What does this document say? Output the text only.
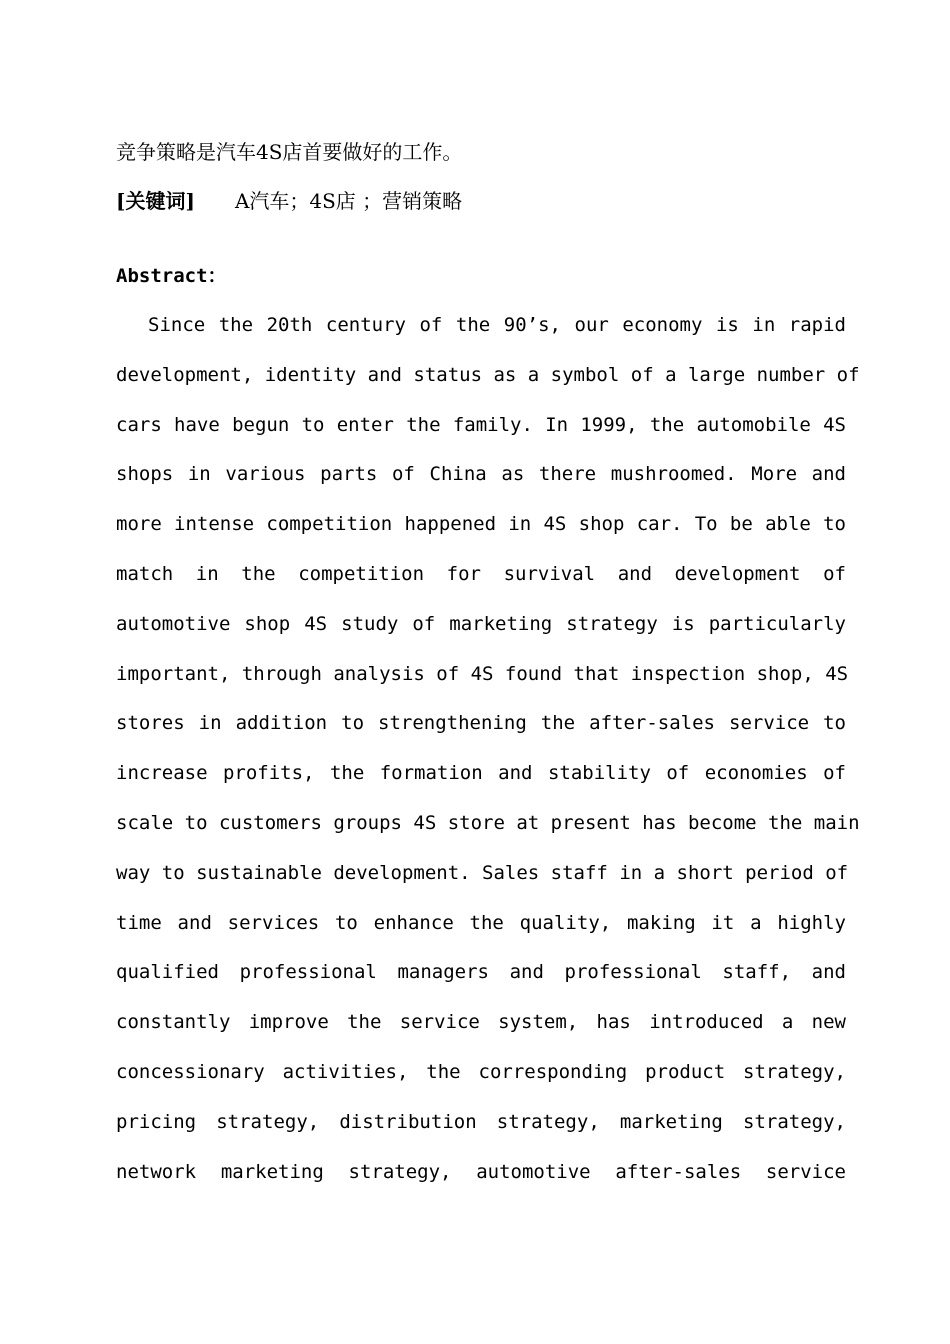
竞争策略是汽车4S店首要做好的工作。
[关键词] A汽车；4S店 ；营销策略
Abstract：
Since the 20th century of the 90’s, our economy is in rapid
development, identity and status as a symbol of a large number of
cars have begun to enter the family. In 1999, the automobile 4S
shops in various parts of China as there mushroomed. More and
more intense competition happened in 4S shop car. To be able to
match in the competition for survival and development of
automotive shop 4S study of marketing strategy is particularly
important, through analysis of 4S found that inspection shop, 4S
stores in addition to strengthening the after-sales service to
increase profits, the formation and stability of economies of
scale to customers groups 4S store at present has become the main
way to sustainable development. Sales staff in a short period of
time and services to enhance the quality, making it a highly
qualified professional managers and professional staff, and
constantly improve the service system, has introduced a new
concessionary activities, the corresponding product strategy,
pricing strategy, distribution strategy, marketing strategy,
network marketing strategy, automotive after-sales service
